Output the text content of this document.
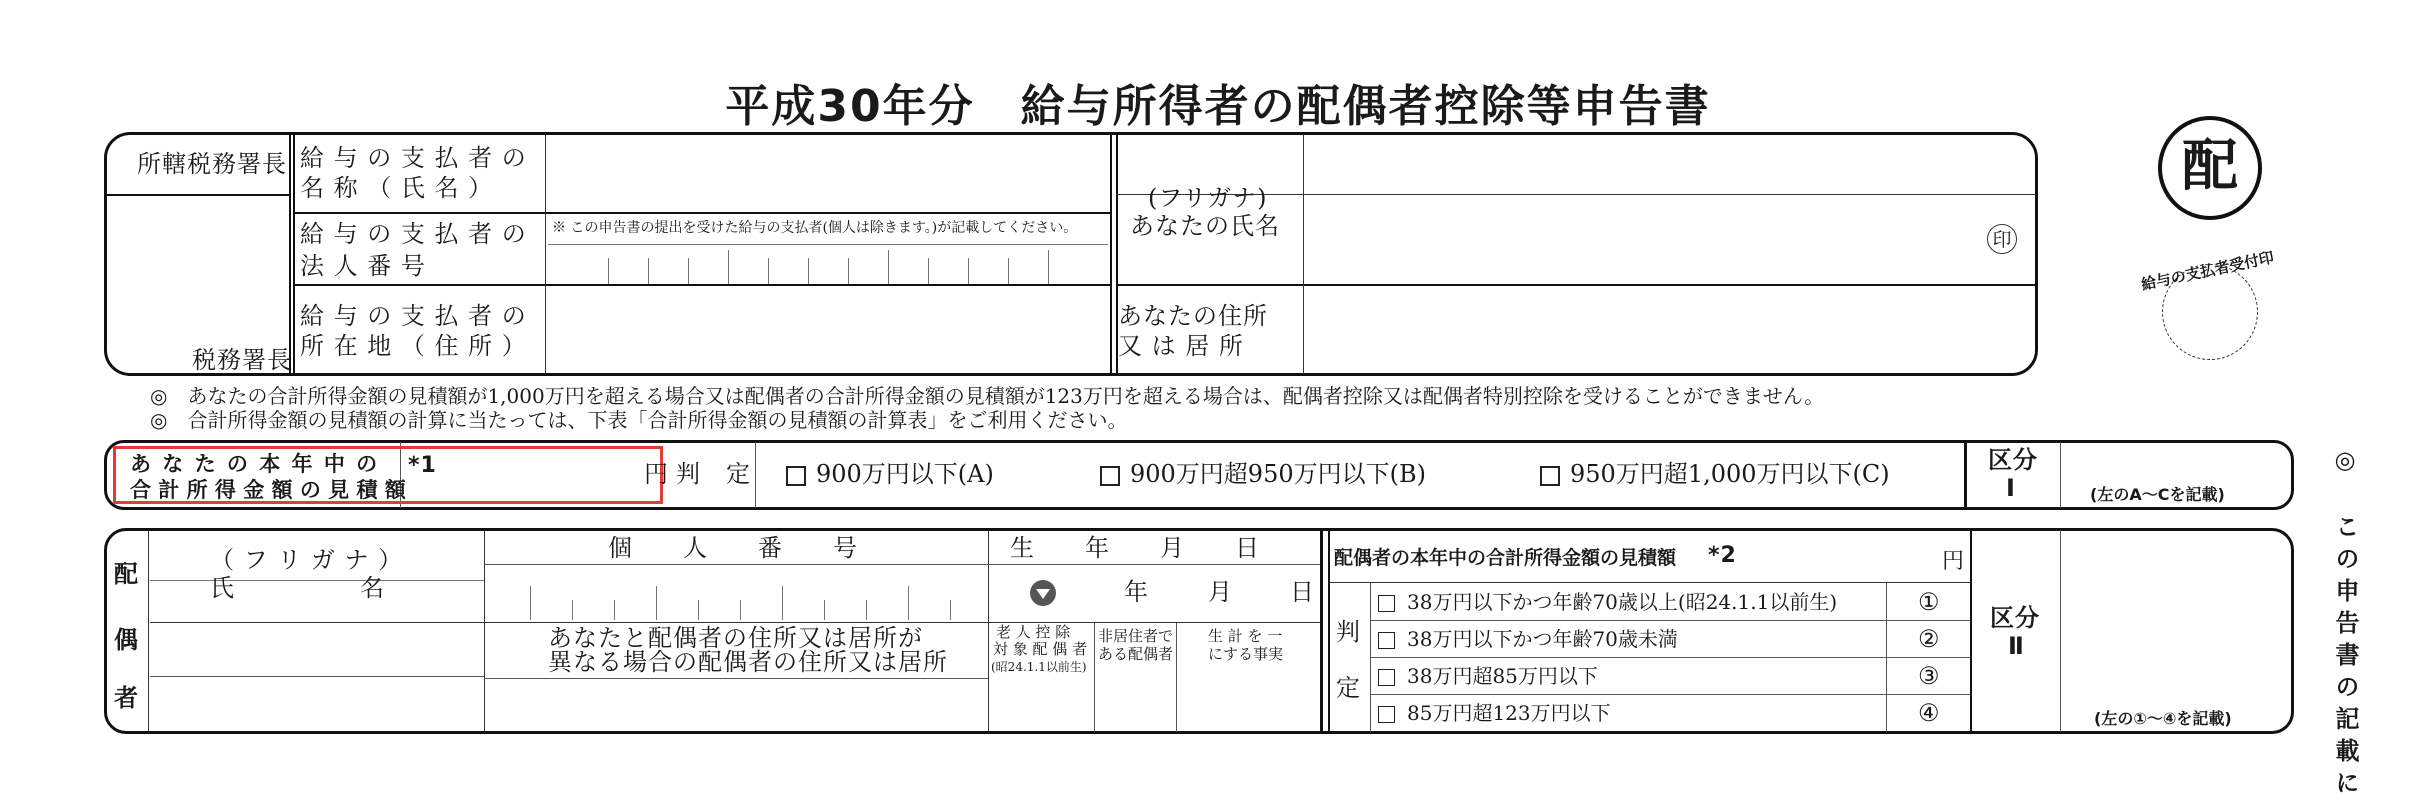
平成30年分　給与所得者の配偶者控除等申告書
所轄税務署長
税務署長
給 与 の 支 払 者 の
名 称 （ 氏 名 ）
給 与 の 支 払 者 の
法 人 番 号
※ この申告書の提出を受けた給与の支払者(個人は除きます。)が記載してください。
給 与 の 支 払 者 の
所 在 地 （ 住 所 ）
(フリガナ)
あなたの氏名	印
あなたの住所
又 は 居 所
配
給与の支払者受付印
◎　あなたの合計所得金額の見積額が1,000万円を超える場合又は配偶者の合計所得金額の見積額が123万円を超える場合は、配偶者控除又は配偶者特別控除を受けることができません。
◎　合計所得金額の見積額の計算に当たっては、下表「合計所得金額の見積額の計算表」をご利用ください。
あ な た の 本 年 中 の
合 計 所 得 金 額 の 見 積 額
*1	円 判　定	900万円以下(A)	900万円超950万円以下(B)	950万円超1,000万円以下(C)	区分
Ⅰ	(左のA～Cを記載)
配
偶
者
（ フ リ ガ ナ ）
氏　　　　　名
個　　人　　番　　号	生　　年　　月　　日
年 月 日
あなたと配偶者の住所又は居所が
異なる場合の配偶者の住所又は居所
老 人 控 除
対 象 配 偶 者
(昭24.1.1以前生)
非居住者で
ある配偶者
生 計 を 一
にする事実
配偶者の本年中の合計所得金額の見積額 *2	円
判
定
38万円以下かつ年齢70歳以上(昭24.1.1以前生)	①
38万円以下かつ年齢70歳未満	②
38万円超85万円以下	③
85万円超123万円以下	④
区分
Ⅱ
(左の①～④を記載)	◎　この申告書の記載に
